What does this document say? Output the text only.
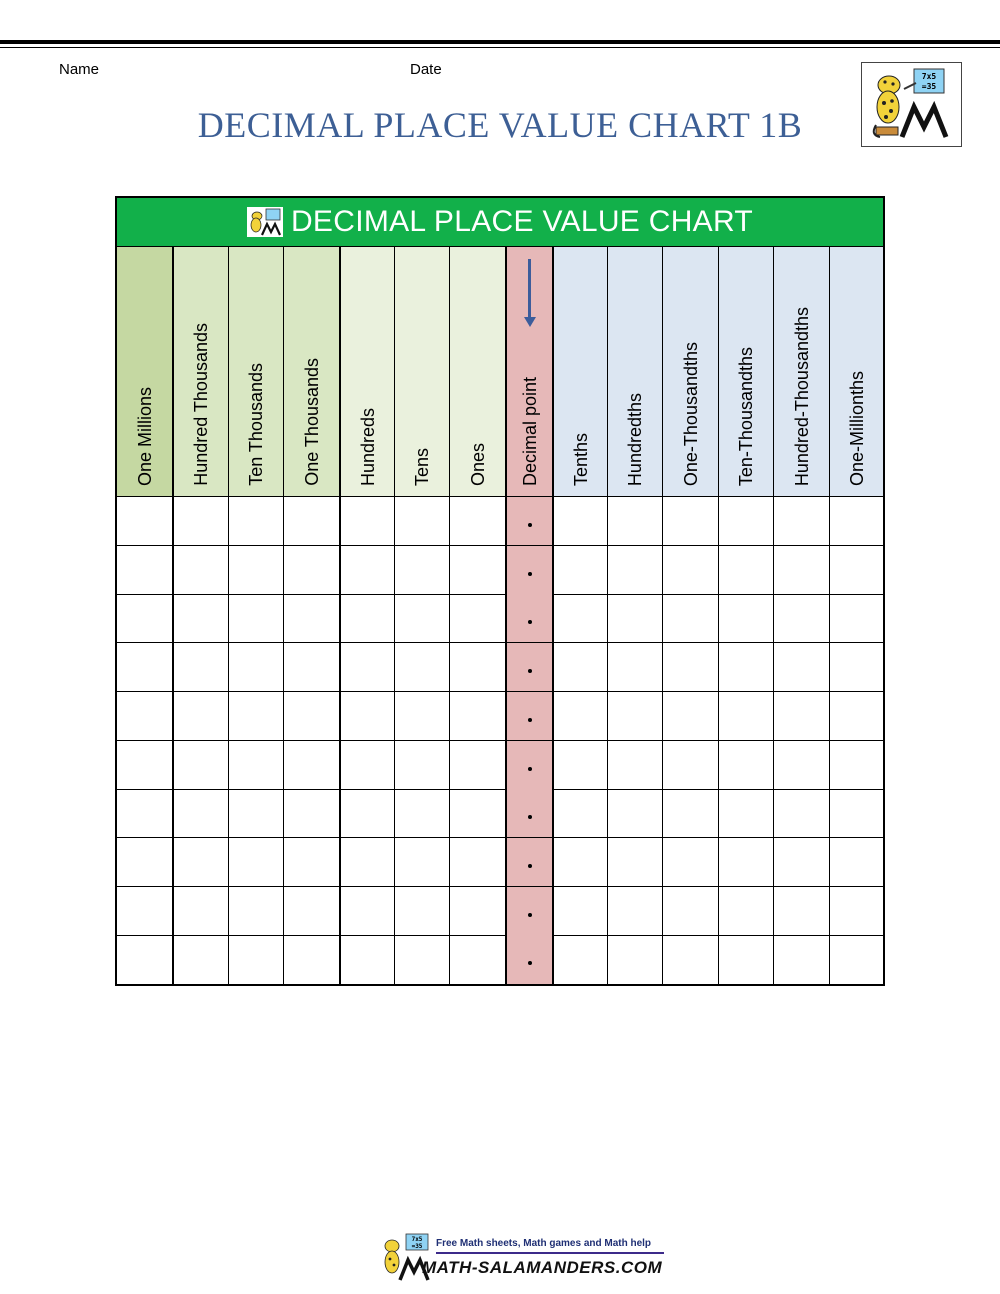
Name	Date
DECIMAL PLACE VALUE CHART 1B
7x5
=35
DECIMAL PLACE VALUE CHART
One Millions Hundred Thousands Ten Thousands One Thousands Hundreds Tens Ones Decimal point Tenths Hundredths One-Thousandths Ten-Thousandths Hundred-Thousandths One-Millionths
7x5
=35 Free Math sheets, Math games and Math help
MATH-SALAMANDERS.COM
